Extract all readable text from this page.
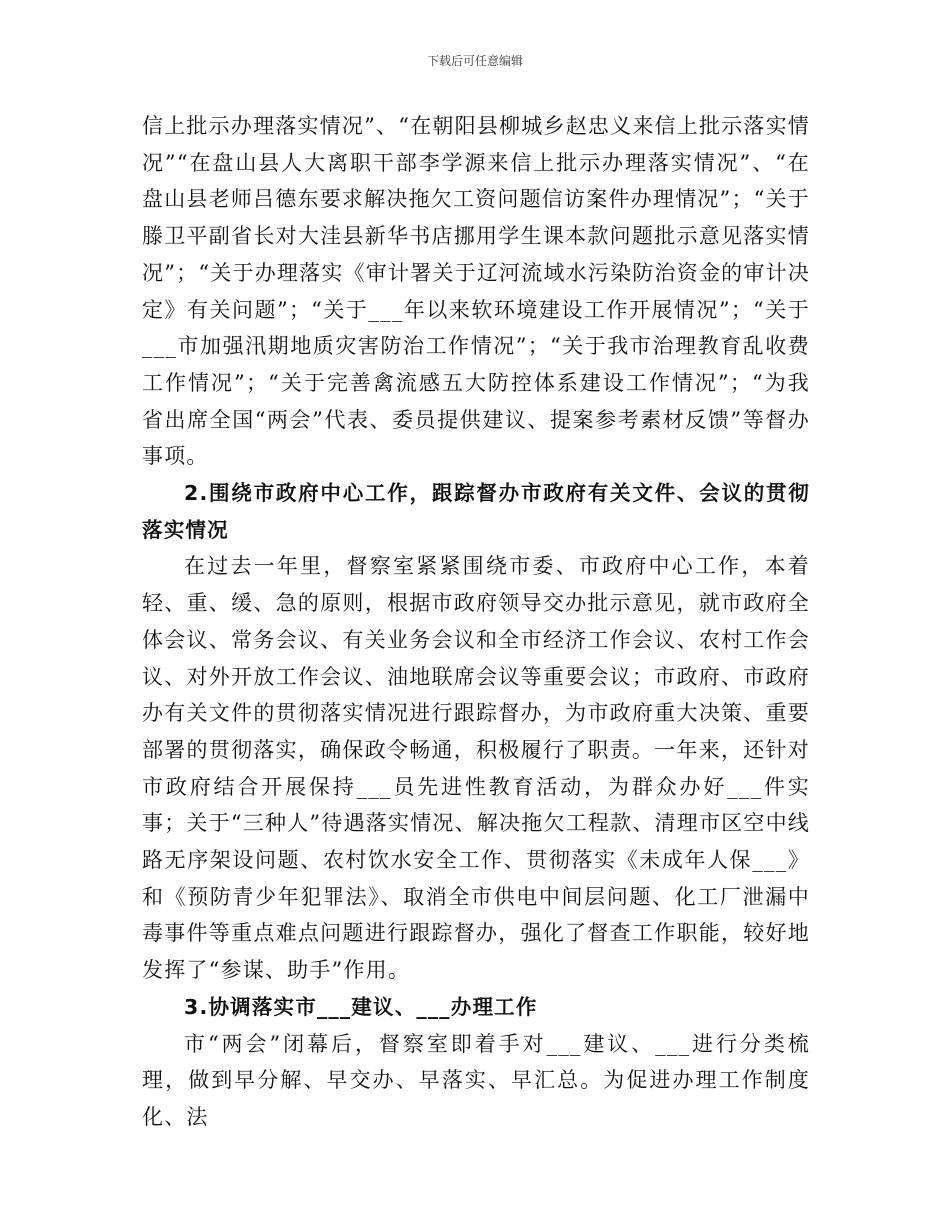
下载后可任意编辑

信上批示办理落实情况”、“在朝阳县柳城乡赵忠义来信上批示落实情况”“在盘山县人大离职干部李学源来信上批示办理落实情况”、“在盘山县老师吕德东要求解决拖欠工资问题信访案件办理情况”；“关于滕卫平副省长对大洼县新华书店挪用学生课本款问题批示意见落实情况”；“关于办理落实《审计署关于辽河流域水污染防治资金的审计决定》有关问题”；“关于___年以来软环境建设工作开展情况”；“关于___市加强汛期地质灾害防治工作情况”；“关于我市治理教育乱收费工作情况”；“关于完善禽流感五大防控体系建设工作情况”；“为我省出席全国“两会”代表、委员提供建议、提案参考素材反馈”等督办事项。

2.围绕市政府中心工作，跟踪督办市政府有关文件、会议的贯彻落实情况

在过去一年里，督察室紧紧围绕市委、市政府中心工作，本着轻、重、缓、急的原则，根据市政府领导交办批示意见，就市政府全体会议、常务会议、有关业务会议和全市经济工作会议、农村工作会议、对外开放工作会议、油地联席会议等重要会议；市政府、市政府办有关文件的贯彻落实情况进行跟踪督办，为市政府重大决策、重要部署的贯彻落实，确保政令畅通，积极履行了职责。一年来，还针对市政府结合开展保持___员先进性教育活动，为群众办好___件实事；关于“三种人”待遇落实情况、解决拖欠工程款、清理市区空中线路无序架设问题、农村饮水安全工作、贯彻落实《未成年人保___》和《预防青少年犯罪法》、取消全市供电中间层问题、化工厂泄漏中毒事件等重点难点问题进行跟踪督办，强化了督查工作职能，较好地发挥了“参谋、助手”作用。

3.协调落实市___建议、___办理工作

市“两会”闭幕后，督察室即着手对___建议、___进行分类梳理，做到早分解、早交办、早落实、早汇总。为促进办理工作制度化、法
